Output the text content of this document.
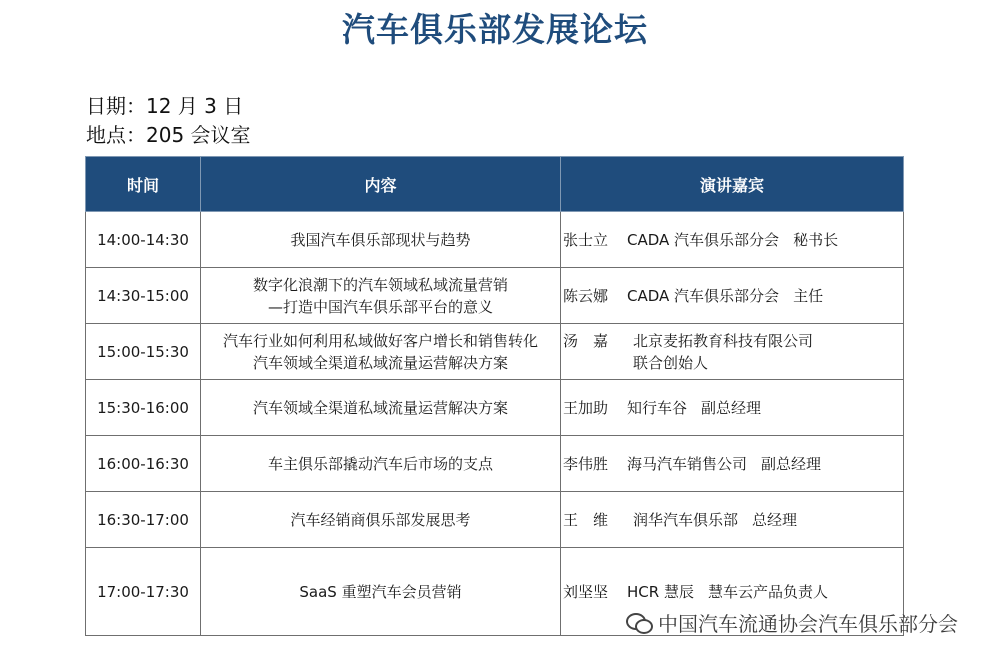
汽车俱乐部发展论坛
日期：12 月 3 日
地点：205 会议室
时间	内容	演讲嘉宾
14:00-14:30	我国汽车俱乐部现状与趋势	张士立 CADA 汽车俱乐部分会 秘书长
14:30-15:00	数字化浪潮下的汽车领域私域流量营销
—打造中国汽车俱乐部平台的意义	陈云娜 CADA 汽车俱乐部分会 主任
15:00-15:30	汽车行业如何利用私域做好客户增长和销售转化
汽车领域全渠道私域流量运营解决方案	汤　嘉 北京麦拓教育科技有限公司
联合创始人
15:30-16:00	汽车领域全渠道私域流量运营解决方案	王加助 知行车谷 副总经理
16:00-16:30	车主俱乐部撬动汽车后市场的支点	李伟胜 海马汽车销售公司 副总经理
16:30-17:00	汽车经销商俱乐部发展思考	王　维 润华汽车俱乐部 总经理
17:00-17:30	SaaS 重塑汽车会员营销	刘坚坚 HCR 慧辰 慧车云产品负责人
中国汽车流通协会汽车俱乐部分会
